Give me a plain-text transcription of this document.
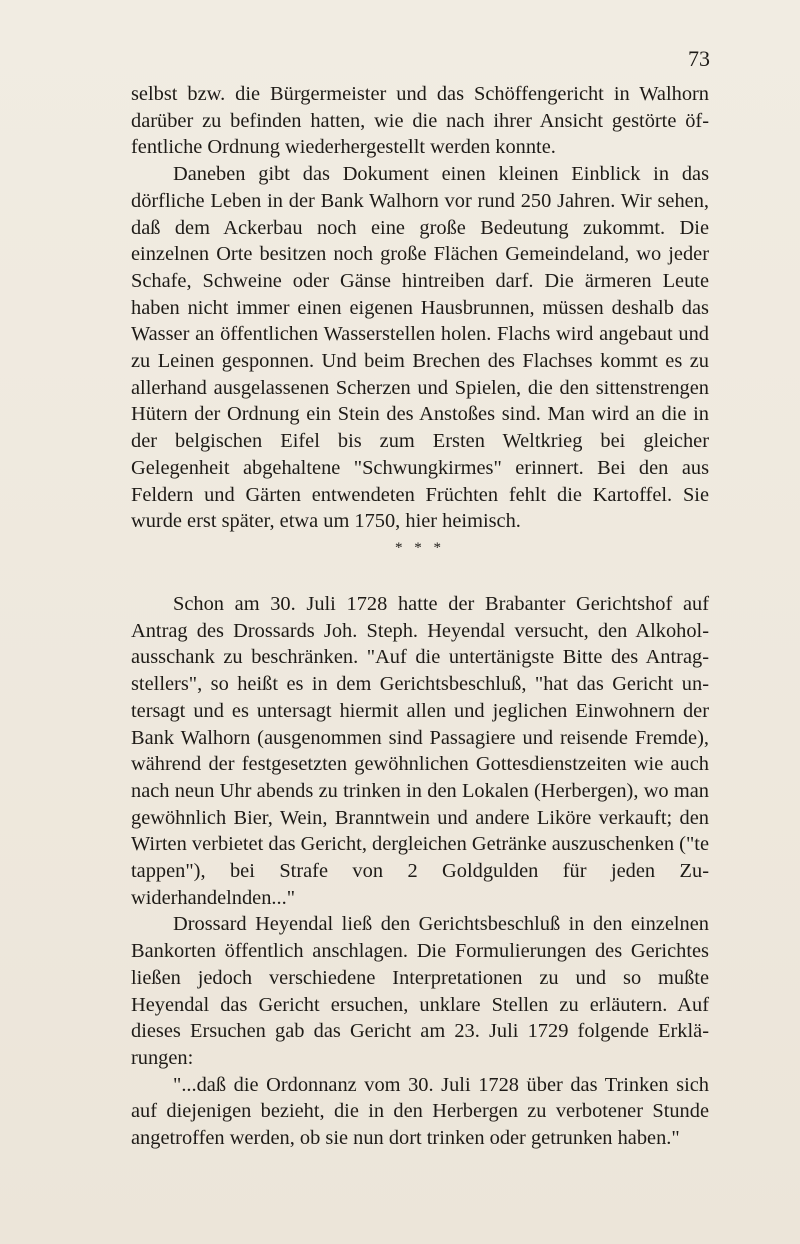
73

selbst bzw. die Bürgermeister und das Schöffengericht in Walhorn darüber zu befinden hatten, wie die nach ihrer Ansicht gestörte öffentliche Ordnung wiederhergestellt werden konnte.

Daneben gibt das Dokument einen kleinen Einblick in das dörfliche Leben in der Bank Walhorn vor rund 250 Jahren. Wir sehen, daß dem Ackerbau noch eine große Bedeutung zukommt. Die einzelnen Orte besitzen noch große Flächen Gemeindeland, wo jeder Schafe, Schweine oder Gänse hintreiben darf. Die ärmeren Leute haben nicht immer einen eigenen Hausbrunnen, müssen deshalb das Wasser an öffentlichen Wasserstellen holen. Flachs wird angebaut und zu Leinen gesponnen. Und beim Brechen des Flachses kommt es zu allerhand ausgelassenen Scherzen und Spielen, die den sittenstrengen Hütern der Ordnung ein Stein des Anstoßes sind. Man wird an die in der belgischen Eifel bis zum Ersten Weltkrieg bei gleicher Gelegenheit abgehaltene "Schwungkirmes" erinnert. Bei den aus Feldern und Gärten entwendeten Früchten fehlt die Kartoffel. Sie wurde erst später, etwa um 1750, hier heimisch.

* * *

Schon am 30. Juli 1728 hatte der Brabanter Gerichtshof auf Antrag des Drossards Joh. Steph. Heyendal versucht, den Alkoholausschank zu beschränken. "Auf die untertänigste Bitte des Antragstellers", so heißt es in dem Gerichtsbeschluß, "hat das Gericht untersagt und es untersagt hiermit allen und jeglichen Einwohnern der Bank Walhorn (ausgenommen sind Passagiere und reisende Fremde), während der festgesetzten gewöhnlichen Gottesdienstzeiten wie auch nach neun Uhr abends zu trinken in den Lokalen (Herbergen), wo man gewöhnlich Bier, Wein, Branntwein und andere Liköre verkauft; den Wirten verbietet das Gericht, dergleichen Getränke auszuschenken ("te tappen"), bei Strafe von 2 Goldgulden für jeden Zuwiderhandelnden..."

Drossard Heyendal ließ den Gerichtsbeschluß in den einzelnen Bankorten öffentlich anschlagen. Die Formulierungen des Gerichtes ließen jedoch verschiedene Interpretationen zu und so mußte Heyendal das Gericht ersuchen, unklare Stellen zu erläutern. Auf dieses Ersuchen gab das Gericht am 23. Juli 1729 folgende Erklärungen:

"...daß die Ordonnanz vom 30. Juli 1728 über das Trinken sich auf diejenigen bezieht, die in den Herbergen zu verbotener Stunde angetroffen werden, ob sie nun dort trinken oder getrunken haben."
